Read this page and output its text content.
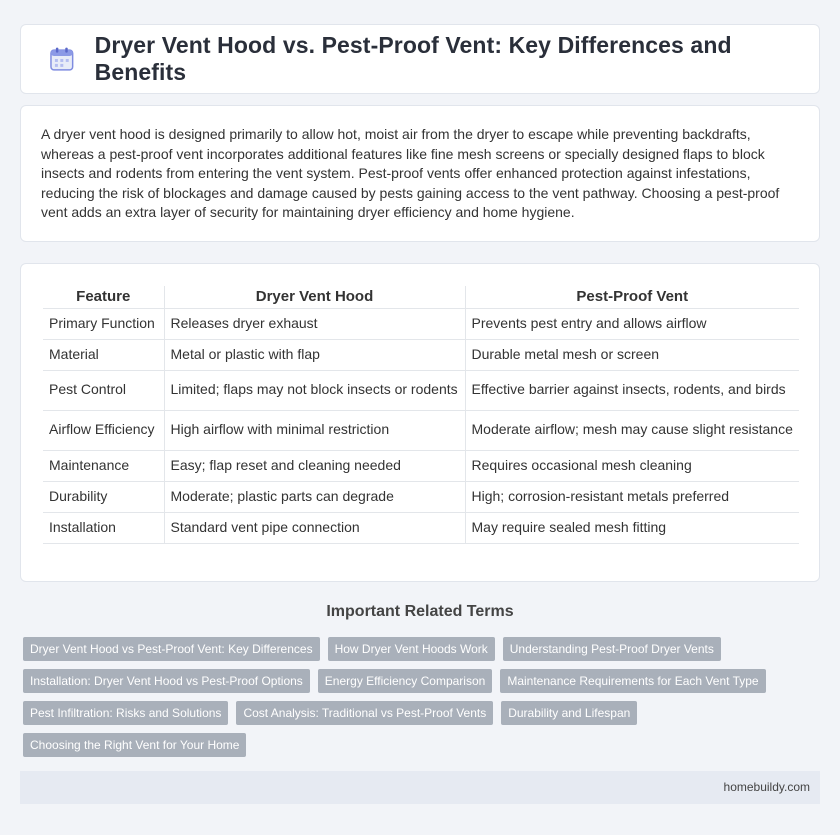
Dryer Vent Hood vs. Pest-Proof Vent: Key Differences and Benefits

A dryer vent hood is designed primarily to allow hot, moist air from the dryer to escape while preventing backdrafts, whereas a pest-proof vent incorporates additional features like fine mesh screens or specially designed flaps to block insects and rodents from entering the vent system. Pest-proof vents offer enhanced protection against infestations, reducing the risk of blockages and damage caused by pests gaining access to the vent pathway. Choosing a pest-proof vent adds an extra layer of security for maintaining dryer efficiency and home hygiene.

Feature	Dryer Vent Hood	Pest-Proof Vent
Primary Function	Releases dryer exhaust	Prevents pest entry and allows airflow
Material	Metal or plastic with flap	Durable metal mesh or screen
Pest Control	Limited; flaps may not block insects or rodents	Effective barrier against insects, rodents, and birds
Airflow Efficiency	High airflow with minimal restriction	Moderate airflow; mesh may cause slight resistance
Maintenance	Easy; flap reset and cleaning needed	Requires occasional mesh cleaning
Durability	Moderate; plastic parts can degrade	High; corrosion-resistant metals preferred
Installation	Standard vent pipe connection	May require sealed mesh fitting
Important Related Terms
Dryer Vent Hood vs Pest-Proof Vent: Key Differences	How Dryer Vent Hoods Work	Understanding Pest-Proof Dryer Vents
Installation: Dryer Vent Hood vs Pest-Proof Options	Energy Efficiency Comparison	Maintenance Requirements for Each Vent Type
Pest Infiltration: Risks and Solutions	Cost Analysis: Traditional vs Pest-Proof Vents	Durability and Lifespan
Choosing the Right Vent for Your Home
homebuildy.com
